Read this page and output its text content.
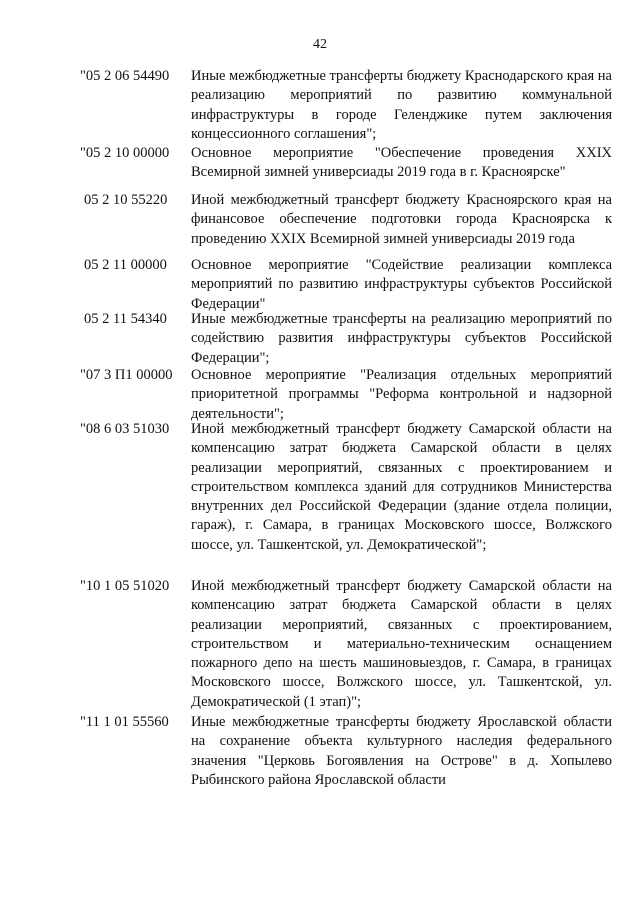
42
"05 2 06 54490	Иные межбюджетные трансферты бюджету Краснодарского края на реализацию мероприятий по развитию коммунальной инфраструктуры в городе Геленджике путем заключения концессионного соглашения";
"05 2 10 00000	Основное мероприятие "Обеспечение проведения XXIX Всемирной зимней универсиады 2019 года в г. Красноярске"
05 2 10 55220	Иной межбюджетный трансферт бюджету Красноярского края на финансовое обеспечение подготовки города Красноярска к проведению XXIX Всемирной зимней универсиады 2019 года
05 2 11 00000	Основное мероприятие "Содействие реализации комплекса мероприятий по развитию инфраструктуры субъектов Российской Федерации"
05 2 11 54340	Иные межбюджетные трансферты на реализацию мероприятий по содействию развития инфраструктуры субъектов Российской Федерации";
"07 3 П1 00000	Основное мероприятие "Реализация отдельных мероприятий приоритетной программы "Реформа контрольной и надзорной деятельности";
"08 6 03 51030	Иной межбюджетный трансферт бюджету Самарской области на компенсацию затрат бюджета Самарской области в целях реализации мероприятий, связанных с проектированием и строительством комплекса зданий для сотрудников Министерства внутренних дел Российской Федерации (здание отдела полиции, гараж), г. Самара, в границах Московского шоссе, Волжского шоссе, ул. Ташкентской, ул. Демократической";
"10 1 05 51020	Иной межбюджетный трансферт бюджету Самарской области на компенсацию затрат бюджета Самарской области в целях реализации мероприятий, связанных с проектированием, строительством и материально-техническим оснащением пожарного депо на шесть машиновыездов, г. Самара, в границах Московского шоссе, Волжского шоссе, ул. Ташкентской, ул. Демократической (1 этап)";
"11 1 01 55560	Иные межбюджетные трансферты бюджету Ярославской области на сохранение объекта культурного наследия федерального значения "Церковь Богоявления на Острове" в д. Хопылево Рыбинского района Ярославской области
